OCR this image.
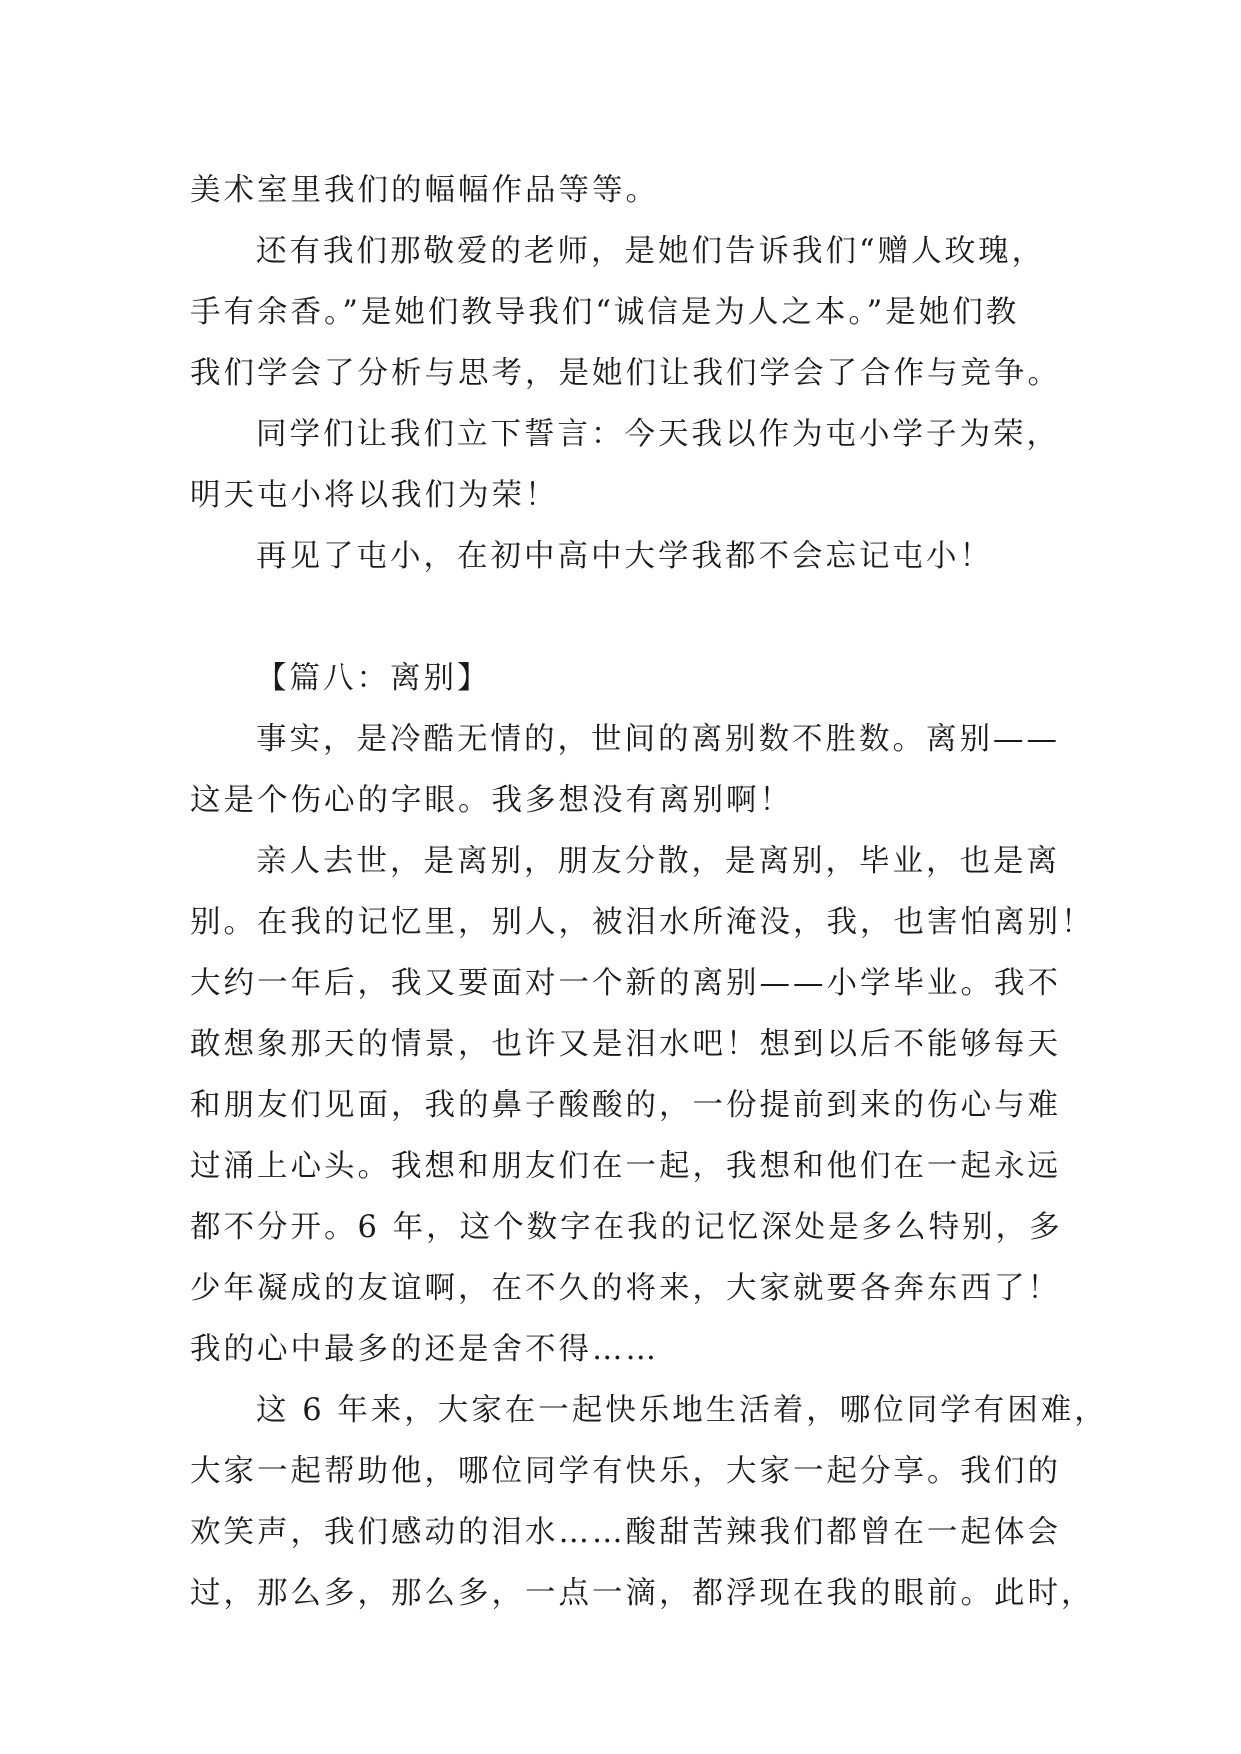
美术室里我们的幅幅作品等等。
还有我们那敬爱的老师，是她们告诉我们“赠人玫瑰，
手有余香。”是她们教导我们“诚信是为人之本。”是她们教
我们学会了分析与思考，是她们让我们学会了合作与竞争。
同学们让我们立下誓言：今天我以作为屯小学子为荣，
明天屯小将以我们为荣！
再见了屯小，在初中高中大学我都不会忘记屯小！
【篇八：离别】
事实，是冷酷无情的，世间的离别数不胜数。离别——
这是个伤心的字眼。我多想没有离别啊！
亲人去世，是离别，朋友分散，是离别，毕业，也是离
别。在我的记忆里，别人，被泪水所淹没，我，也害怕离别！
大约一年后，我又要面对一个新的离别——小学毕业。我不
敢想象那天的情景，也许又是泪水吧！想到以后不能够每天
和朋友们见面，我的鼻子酸酸的，一份提前到来的伤心与难
过涌上心头。我想和朋友们在一起，我想和他们在一起永远
都不分开。6 年，这个数字在我的记忆深处是多么特别，多
少年凝成的友谊啊，在不久的将来，大家就要各奔东西了！
我的心中最多的还是舍不得……
这 6 年来，大家在一起快乐地生活着，哪位同学有困难，
大家一起帮助他，哪位同学有快乐，大家一起分享。我们的
欢笑声，我们感动的泪水……酸甜苦辣我们都曾在一起体会
过，那么多，那么多，一点一滴，都浮现在我的眼前。此时，
